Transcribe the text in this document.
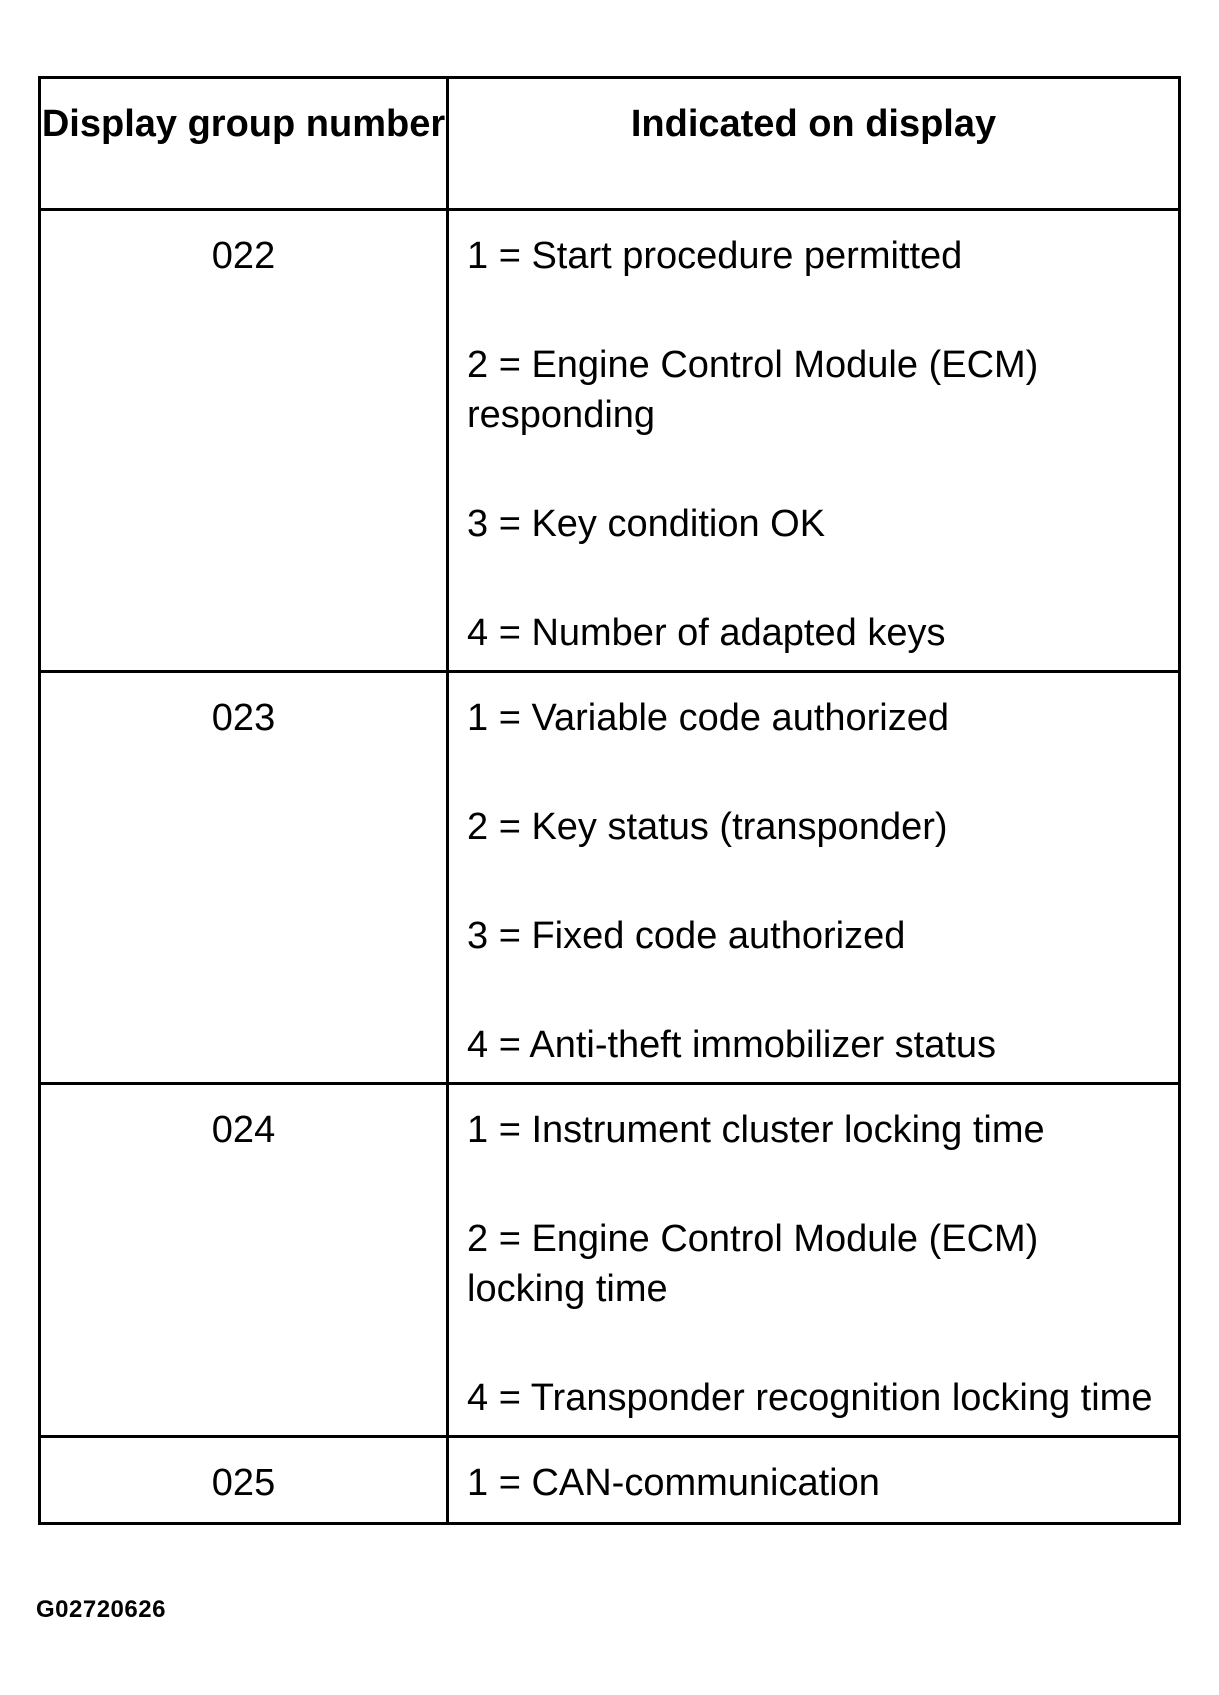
Display group number	Indicated on display
022	1 = Start procedure permitted

2 = Engine Control Module (ECM) responding

3 = Key condition OK

4 = Number of adapted keys

023	1 = Variable code authorized

2 = Key status (transponder)

3 = Fixed code authorized

4 = Anti-theft immobilizer status

024	1 = Instrument cluster locking time

2 = Engine Control Module (ECM) locking time

4 = Transponder recognition locking time

025	1 = CAN-communication

G02720626
